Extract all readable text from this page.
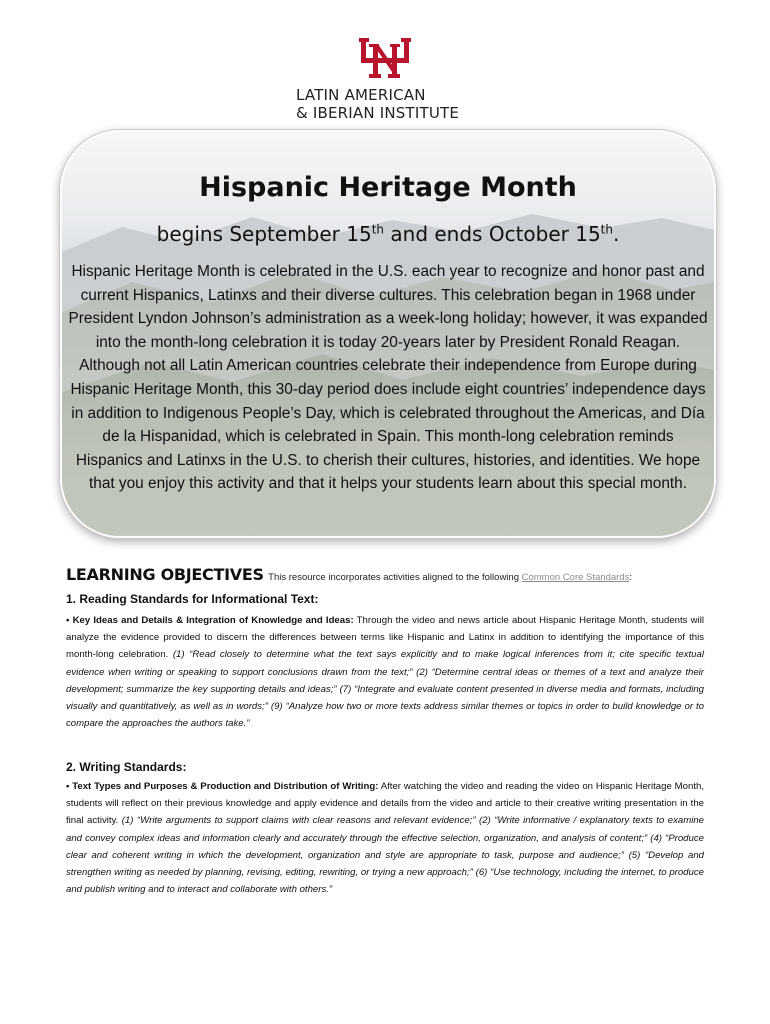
LATIN AMERICAN
& IBERIAN INSTITUTE
Hispanic Heritage Month
begins September 15th and ends October 15th.
Hispanic Heritage Month is celebrated in the U.S. each year to recognize and honor past and current Hispanics, Latinxs and their diverse cultures. This celebration began in 1968 under President Lyndon Johnson’s administration as a week-long holiday; however, it was expanded into the month-long celebration it is today 20-years later by President Ronald Reagan. Although not all Latin American countries celebrate their independence from Europe during Hispanic Heritage Month, this 30-day period does include eight countries’ independence days in addition to Indigenous People’s Day, which is celebrated throughout the Americas, and Día de la Hispanidad, which is celebrated in Spain. This month-long celebration reminds Hispanics and Latinxs in the U.S. to cherish their cultures, histories, and identities. We hope that you enjoy this activity and that it helps your students learn about this special month.
LEARNING OBJECTIVES This resource incorporates activities aligned to the following Common Core Standards:
1. Reading Standards for Informational Text:
• Key Ideas and Details & Integration of Knowledge and Ideas: Through the video and news article about Hispanic Heritage Month, students will analyze the evidence provided to discern the differences between terms like Hispanic and Latinx in addition to identifying the importance of this month-long celebration. (1) “Read closely to determine what the text says explicitly and to make logical inferences from it; cite specific textual evidence when writing or speaking to support conclusions drawn from the text;” (2) “Determine central ideas or themes of a text and analyze their development; summarize the key supporting details and ideas;” (7) “Integrate and evaluate content presented in diverse media and formats, including visually and quantitatively, as well as in words;” (9) “Analyze how two or more texts address similar themes or topics in order to build knowledge or to compare the approaches the authors take.”
2. Writing Standards:
• Text Types and Purposes & Production and Distribution of Writing: After watching the video and reading the video on Hispanic Heritage Month, students will reflect on their previous knowledge and apply evidence and details from the video and article to their creative writing presentation in the final activity. (1) “Write arguments to support claims with clear reasons and relevant evidence;” (2) “Write informative / explanatory texts to examine and convey complex ideas and information clearly and accurately through the effective selection, organization, and analysis of content;” (4) “Produce clear and coherent writing in which the development, organization and style are appropriate to task, purpose and audience;” (5) “Develop and strengthen writing as needed by planning, revising, editing, rewriting, or trying a new approach;” (6) “Use technology, including the internet, to produce and publish writing and to interact and collaborate with others.”
